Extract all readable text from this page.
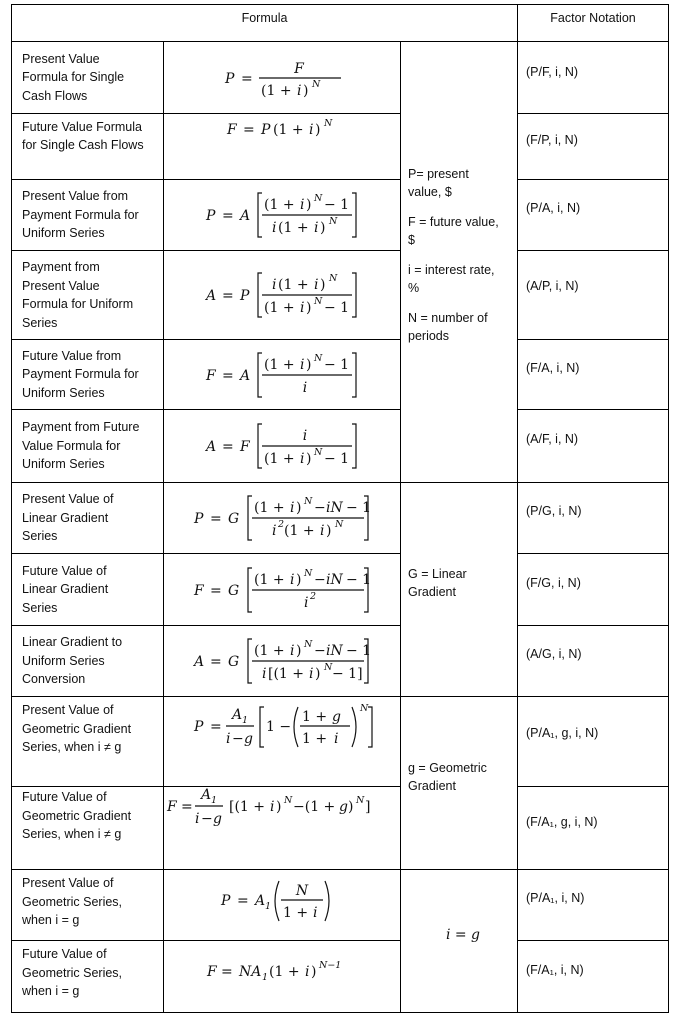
Formula	Factor Notation
Present Value
Formula for Single
Cash Flows
Future Value Formula
for Single Cash Flows
Present Value from
Payment Formula for
Uniform Series
Payment from
Present Value
Formula for Uniform
Series
Future Value from
Payment Formula for
Uniform Series
Payment from Future
Value Formula for
Uniform Series
Present Value of
Linear Gradient
Series
Future Value of
Linear Gradient
Series
Linear Gradient to
Uniform Series
Conversion
Present Value of
Geometric Gradient
Series, when i ≠ g
Future Value of
Geometric Gradient
Series, when i ≠ g
Present Value of
Geometric Series,
when i = g
Future Value of
Geometric Series,
when i = g
P =
F
(1 + i ) N
F = P (1 + i ) N
P = A
(1 + i ) N − 1
i (1 + i ) N
A = P
i (1 + i ) N
(1 + i ) N − 1
F = A
(1 + i ) N − 1
i
A = F
i
(1 + i ) N − 1
P = G
(1 + i ) N − iN − 1
i 2 (1 + i ) N
F = G
(1 + i ) N − iN − 1
i 2
A = G
(1 + i ) N − iN − 1
i [(1 + i ) N − 1]
P =
A 1
i − g
1 −
1 + g
1 + i
N
F =
A 1
i − g
[(1 + i ) N −(1 + g ) N ]
P = A 1
N
1 + i
F = NA 1 (1 + i ) N−1
P= present
value, $
F = future value,
$
i = interest rate,
%
N = number of
periods
G = Linear
Gradient
g = Geometric
Gradient
i = g
(P/F, i, N)
(F/P, i, N)
(P/A, i, N)
(A/P, i, N)
(F/A, i, N)
(A/F, i, N)
(P/G, i, N)
(F/G, i, N)
(A/G, i, N)
(P/A₁, g, i, N)
(F/A₁, g, i, N)
(P/A₁, i, N)
(F/A₁, i, N)
